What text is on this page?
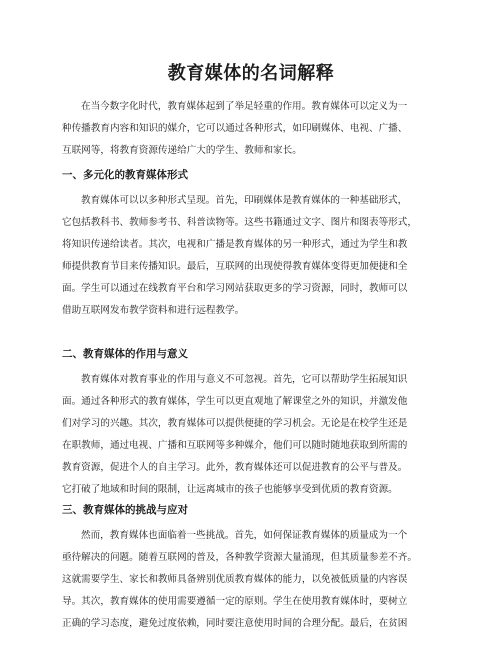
教育媒体的名词解释
在当今数字化时代，教育媒体起到了举足轻重的作用。教育媒体可以定义为一
种传播教育内容和知识的媒介，它可以通过各种形式，如印刷媒体、电视、广播、
互联网等，将教育资源传递给广大的学生、教师和家长。
一、多元化的教育媒体形式
教育媒体可以以多种形式呈现。首先，印刷媒体是教育媒体的一种基础形式，
它包括教科书、教师参考书、科普读物等。这些书籍通过文字、图片和图表等形式，
将知识传递给读者。其次，电视和广播是教育媒体的另一种形式，通过为学生和教
师提供教育节目来传播知识。最后，互联网的出现使得教育媒体变得更加便捷和全
面。学生可以通过在线教育平台和学习网站获取更多的学习资源，同时，教师可以
借助互联网发布教学资料和进行远程教学。
二、教育媒体的作用与意义
教育媒体对教育事业的作用与意义不可忽视。首先，它可以帮助学生拓展知识
面。通过各种形式的教育媒体，学生可以更直观地了解课堂之外的知识，并激发他
们对学习的兴趣。其次，教育媒体可以提供便捷的学习机会。无论是在校学生还是
在职教师，通过电视、广播和互联网等多种媒介，他们可以随时随地获取到所需的
教育资源，促进个人的自主学习。此外，教育媒体还可以促进教育的公平与普及。
它打破了地域和时间的限制，让远离城市的孩子也能够享受到优质的教育资源。
三、教育媒体的挑战与应对
然而，教育媒体也面临着一些挑战。首先，如何保证教育媒体的质量成为一个
亟待解决的问题。随着互联网的普及，各种教学资源大量涌现，但其质量参差不齐。
这就需要学生、家长和教师具备辨别优质教育媒体的能力，以免被低质量的内容误
导。其次，教育媒体的使用需要遵循一定的原则。学生在使用教育媒体时，要树立
正确的学习态度，避免过度依赖，同时要注意使用时间的合理分配。最后，在贫困
